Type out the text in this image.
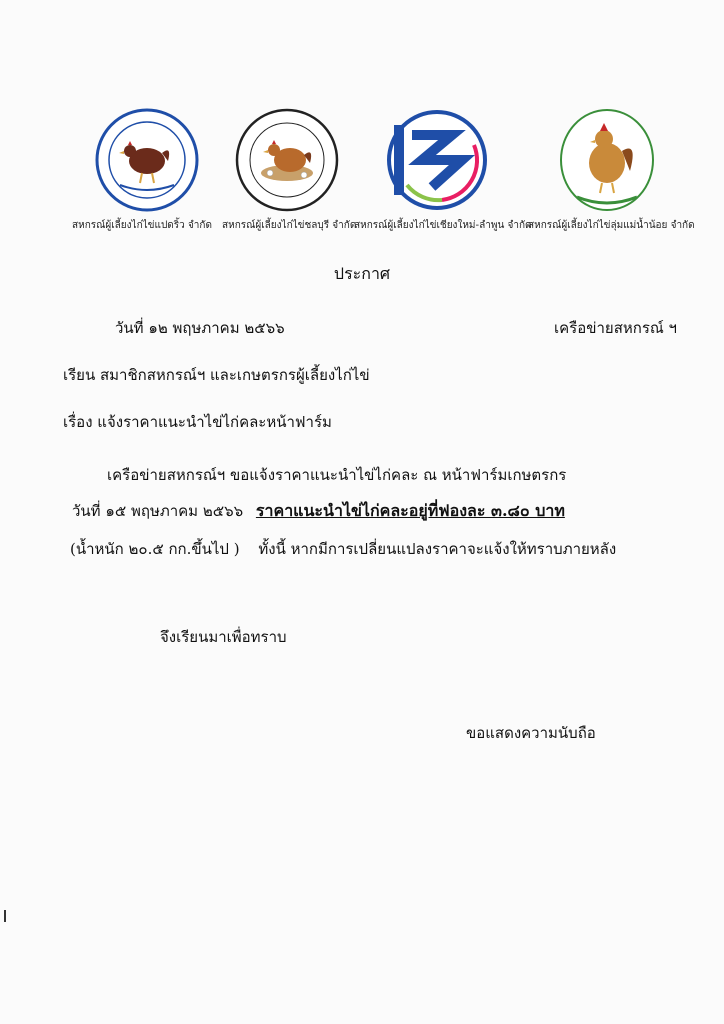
สหกรณ์ผู้เลี้ยงไก่ไข่แปดริ้ว จำกัด สหกรณ์ผู้เลี้ยงไก่ไข่ชลบุรี จำกัด
สหกรณ์ผู้เลี้ยงไก่ไข่เชียงใหม่-ลำพูน จำกัด
สหกรณ์ผู้เลี้ยงไก่ไข่ลุ่มแม่น้ำน้อย จำกัด
ประกาศ
วันที่ ๑๒ พฤษภาคม ๒๕๖๖	เครือข่ายสหกรณ์ ฯ
เรียน สมาชิกสหกรณ์ฯ และเกษตรกรผู้เลี้ยงไก่ไข่
เรื่อง แจ้งราคาแนะนำไข่ไก่คละหน้าฟาร์ม
เครือข่ายสหกรณ์ฯ ขอแจ้งราคาแนะนำไข่ไก่คละ ณ หน้าฟาร์มเกษตรกร
วันที่ ๑๕ พฤษภาคม ๒๕๖๖ ราคาแนะนำไข่ไก่คละอยู่ที่ฟองละ ๓.๘๐ บาท
(น้ำหนัก ๒๐.๕ กก.ขึ้นไป ) ทั้งนี้ หากมีการเปลี่ยนแปลงราคาจะแจ้งให้ทราบภายหลัง
จึงเรียนมาเพื่อทราบ
ขอแสดงความนับถือ
